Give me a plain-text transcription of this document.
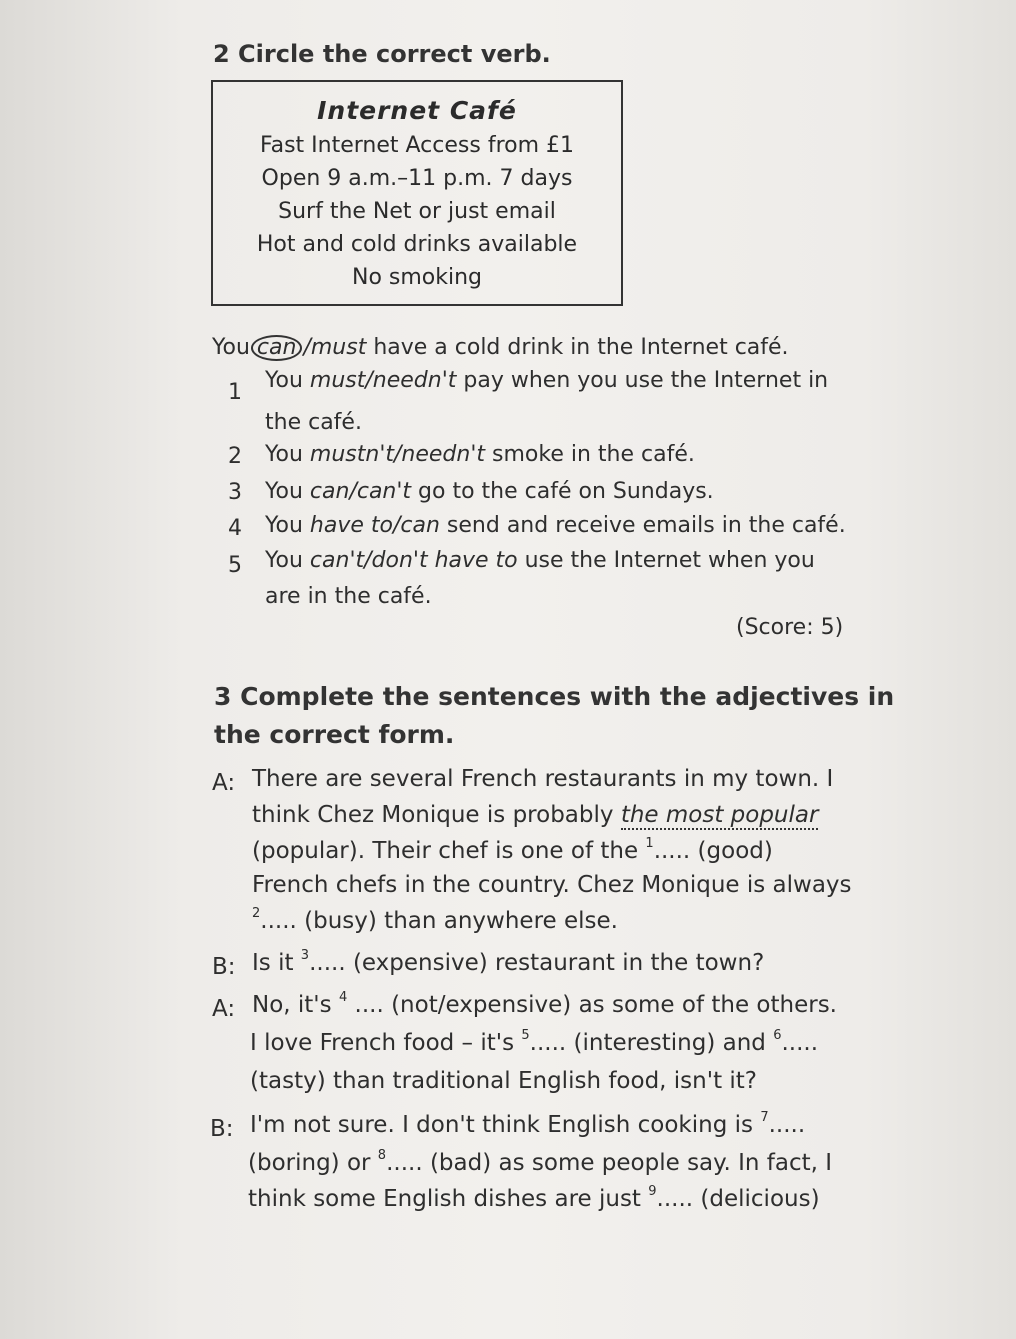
2 Circle the correct verb.
Internet Café
Fast Internet Access from £1
Open 9 a.m.–11 p.m. 7 days
Surf the Net or just email
Hot and cold drinks available
No smoking
You can /must have a cold drink in the Internet café.
1 You must/needn't pay when you use the Internet in
the café.
2 You mustn't/needn't smoke in the café.
3 You can/can't go to the café on Sundays.
4 You have to/can send and receive emails in the café.
5 You can't/don't have to use the Internet when you
are in the café.
(Score: 5)
3 Complete the sentences with the adjectives in
the correct form.
A: There are several French restaurants in my town. I
think Chez Monique is probably the most popular
(popular). Their chef is one of the $^1$..... (good)
French chefs in the country. Chez Monique is always
$^2$..... (busy) than anywhere else.
B: Is it $^3$..... (expensive) restaurant in the town?
A: No, it's $^4$ .... (not/expensive) as some of the others.
I love French food – it's $^5$..... (interesting) and $^6$.....
(tasty) than traditional English food, isn't it?
B: I'm not sure. I don't think English cooking is $^7$.....
(boring) or $^8$..... (bad) as some people say. In fact, I
think some English dishes are just $^9$..... (delicious)
